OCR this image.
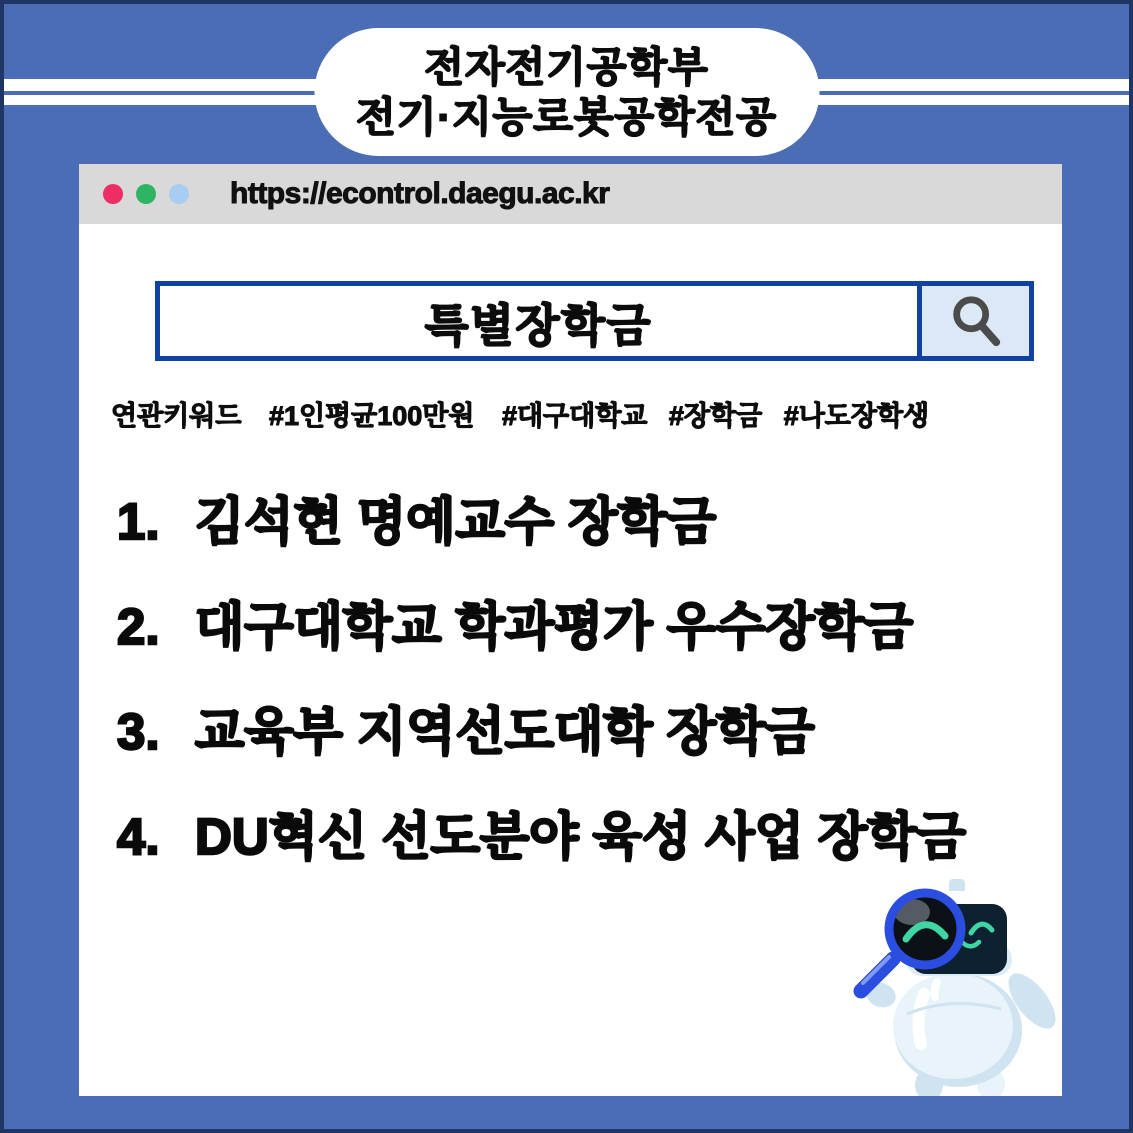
전자전기공학부
전기·지능로봇공학전공
https://econtrol.daegu.ac.kr
특별장학금
연관키워드 #1인평균100만원 #대구대학교 #장학금 #나도장학생
1. 김석현 명예교수 장학금
2. 대구대학교 학과평가 우수장학금
3. 교육부 지역선도대학 장학금
4. DU혁신 선도분야 육성 사업 장학금
